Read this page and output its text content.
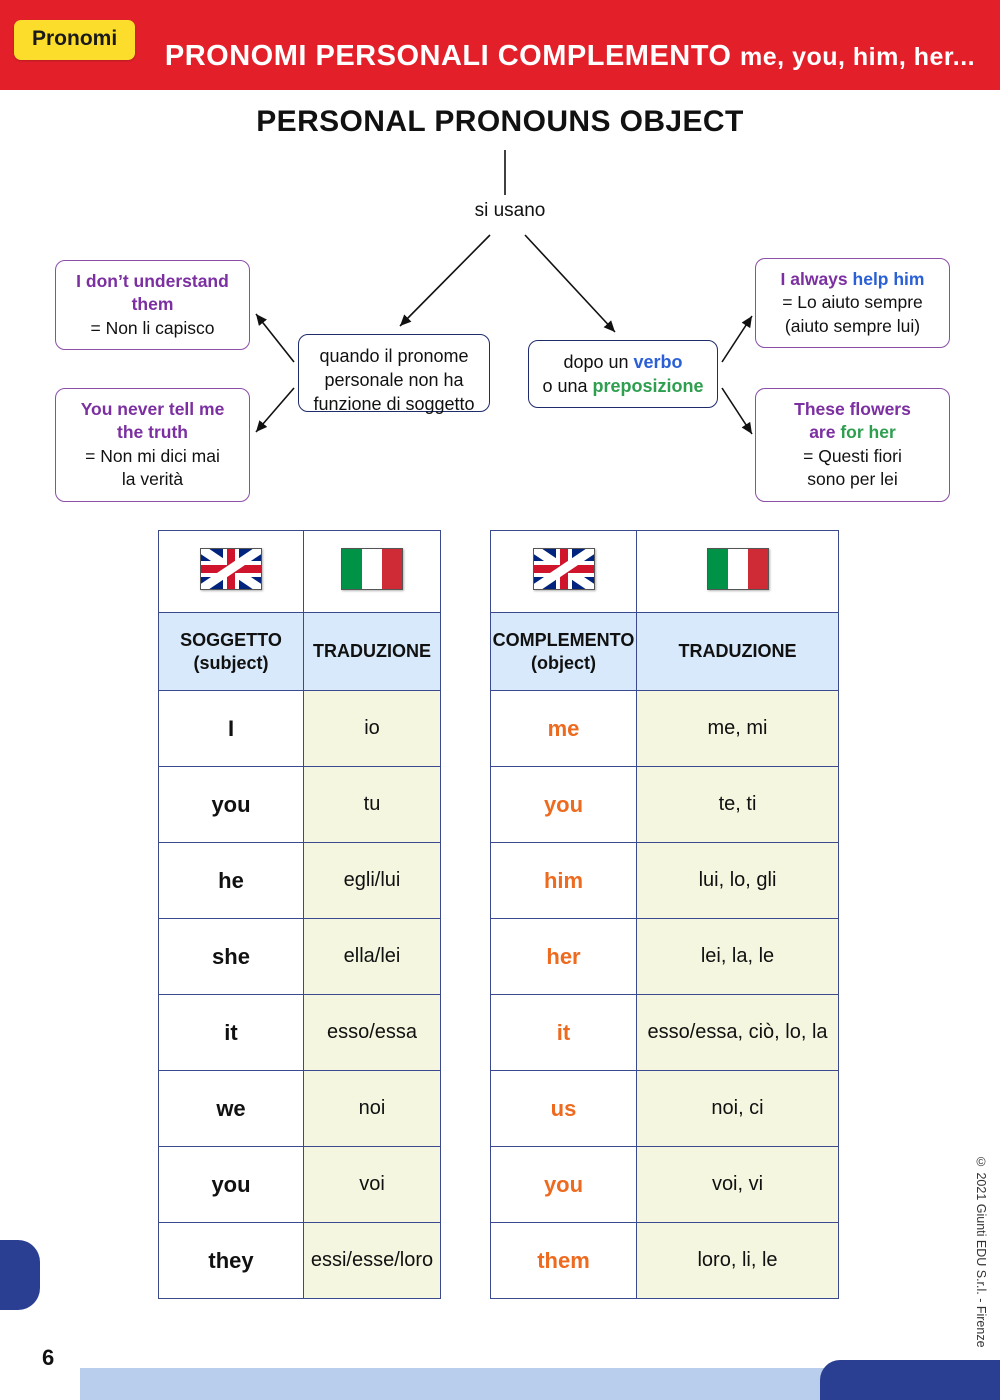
PRONOMI PERSONALI COMPLEMENTO me, you, him, her...
Pronomi
PERSONAL PRONOUNS OBJECT
si usano
quando il pronome
personale non ha
funzione di soggetto
dopo un verbo
o una preposizione
I don’t understand
them
= Non li capisco
You never tell me
the truth
= Non mi dici mai
la verità
I always help him
= Lo aiuto sempre
(aiuto sempre lui)
These flowers
are for her
= Questi fiori
sono per lei

SOGGETTO
(subject)	TRADUZIONE
I	io
you	tu
he	egli/lui
she	ella/lei
it	esso/essa
we	noi
you	voi
they	essi/esse/loro

COMPLEMENTO
(object)	TRADUZIONE
me	me, mi
you	te, ti
him	lui, lo, gli
her	lei, la, le
it	esso/essa, ciò, lo, la
us	noi, ci
you	voi, vi
them	loro, li, le	© 2021 Giunti EDU S.r.l. - Firenze
6
